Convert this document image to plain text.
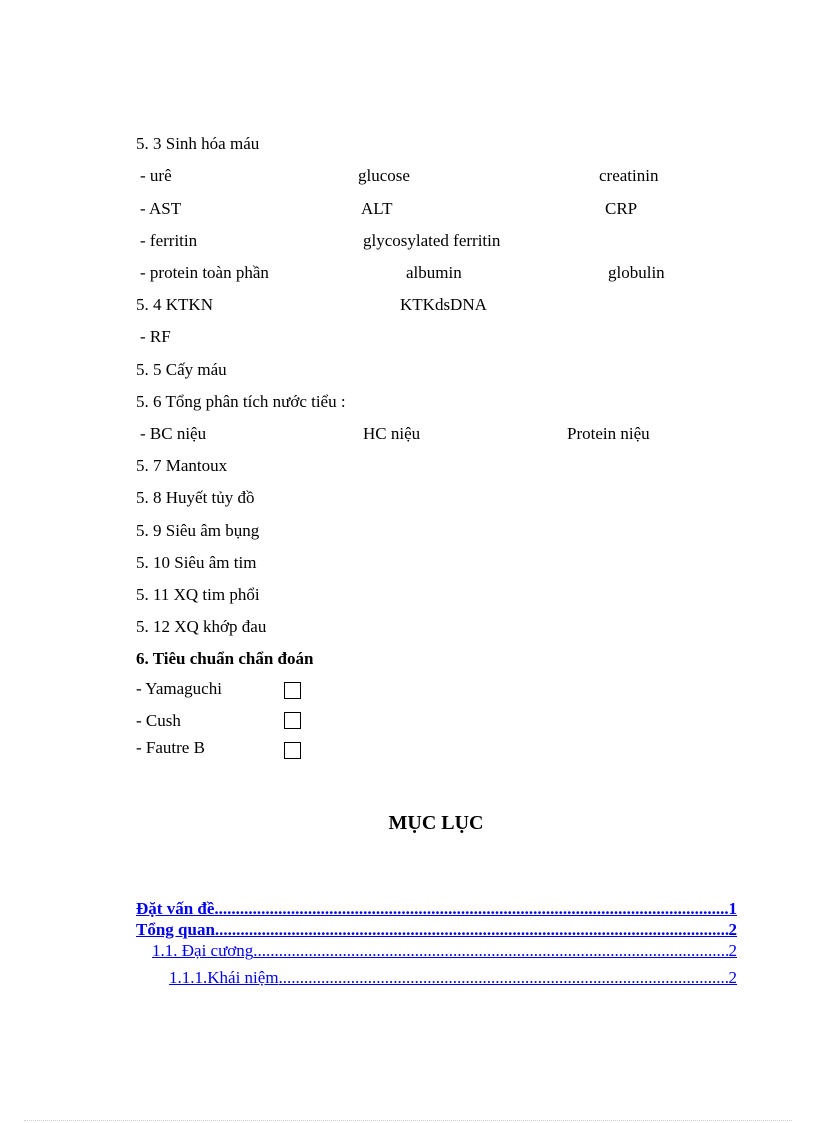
5. 3 Sinh hóa máu
- urê	glucose	creatinin
- AST	ALT	CRP
- ferritin	glycosylated ferritin
- protein toàn phần	albumin	globulin
5. 4 KTKN	KTKdsDNA
- RF
5. 5 Cấy máu
5. 6 Tổng phân tích nước tiểu :
- BC niệu	HC niệu	Protein niệu
5. 7 Mantoux
5. 8 Huyết tủy đồ
5. 9 Siêu âm bụng
5. 10 Siêu âm tim
5. 11 XQ tim phổi
5. 12 XQ khớp đau
6. Tiêu chuẩn chẩn đoán
- Yamaguchi
- Cush
- Fautre B
MỤC LỤC
Đặt vấn đề .....	1
Tổng quan .....	2
1.1. Đại cương .....	2
1.1.1.Khái niệm .....	2
